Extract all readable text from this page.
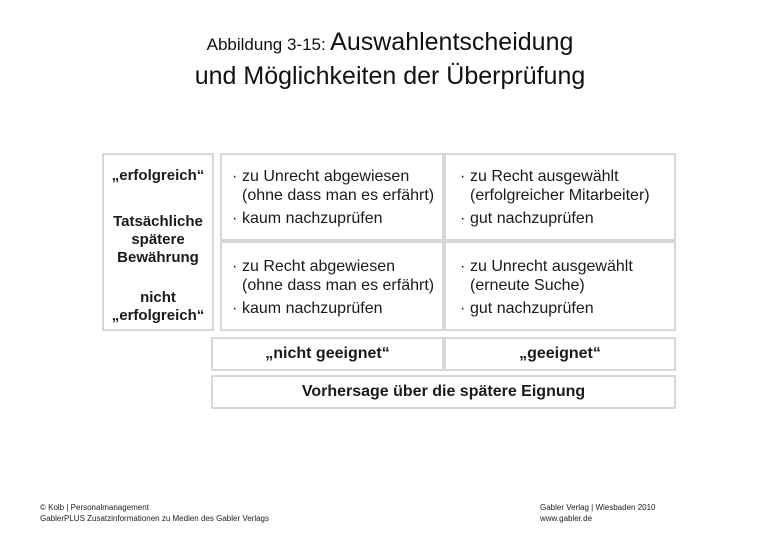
Abbildung 3-15: Auswahlentscheidung
und Möglichkeiten der Überprüfung
„erfolgreich“
Tatsächliche
spätere
Bewährung
nicht
„erfolgreich“
· zu Unrecht abgewiesen
(ohne dass man es erfährt)
· kaum nachzuprüfen
· zu Recht ausgewählt
(erfolgreicher Mitarbeiter)
· gut nachzuprüfen
· zu Recht abgewiesen
(ohne dass man es erfährt)
· kaum nachzuprüfen
· zu Unrecht ausgewählt
(erneute Suche)
· gut nachzuprüfen
„nicht geeignet“	„geeignet“
Vorhersage über die spätere Eignung
© Kolb | Personalmanagement
GablerPLUS Zusatzinformationen zu Medien des Gabler Verlags
Gabler Verlag | Wiesbaden 2010
www.gabler.de
